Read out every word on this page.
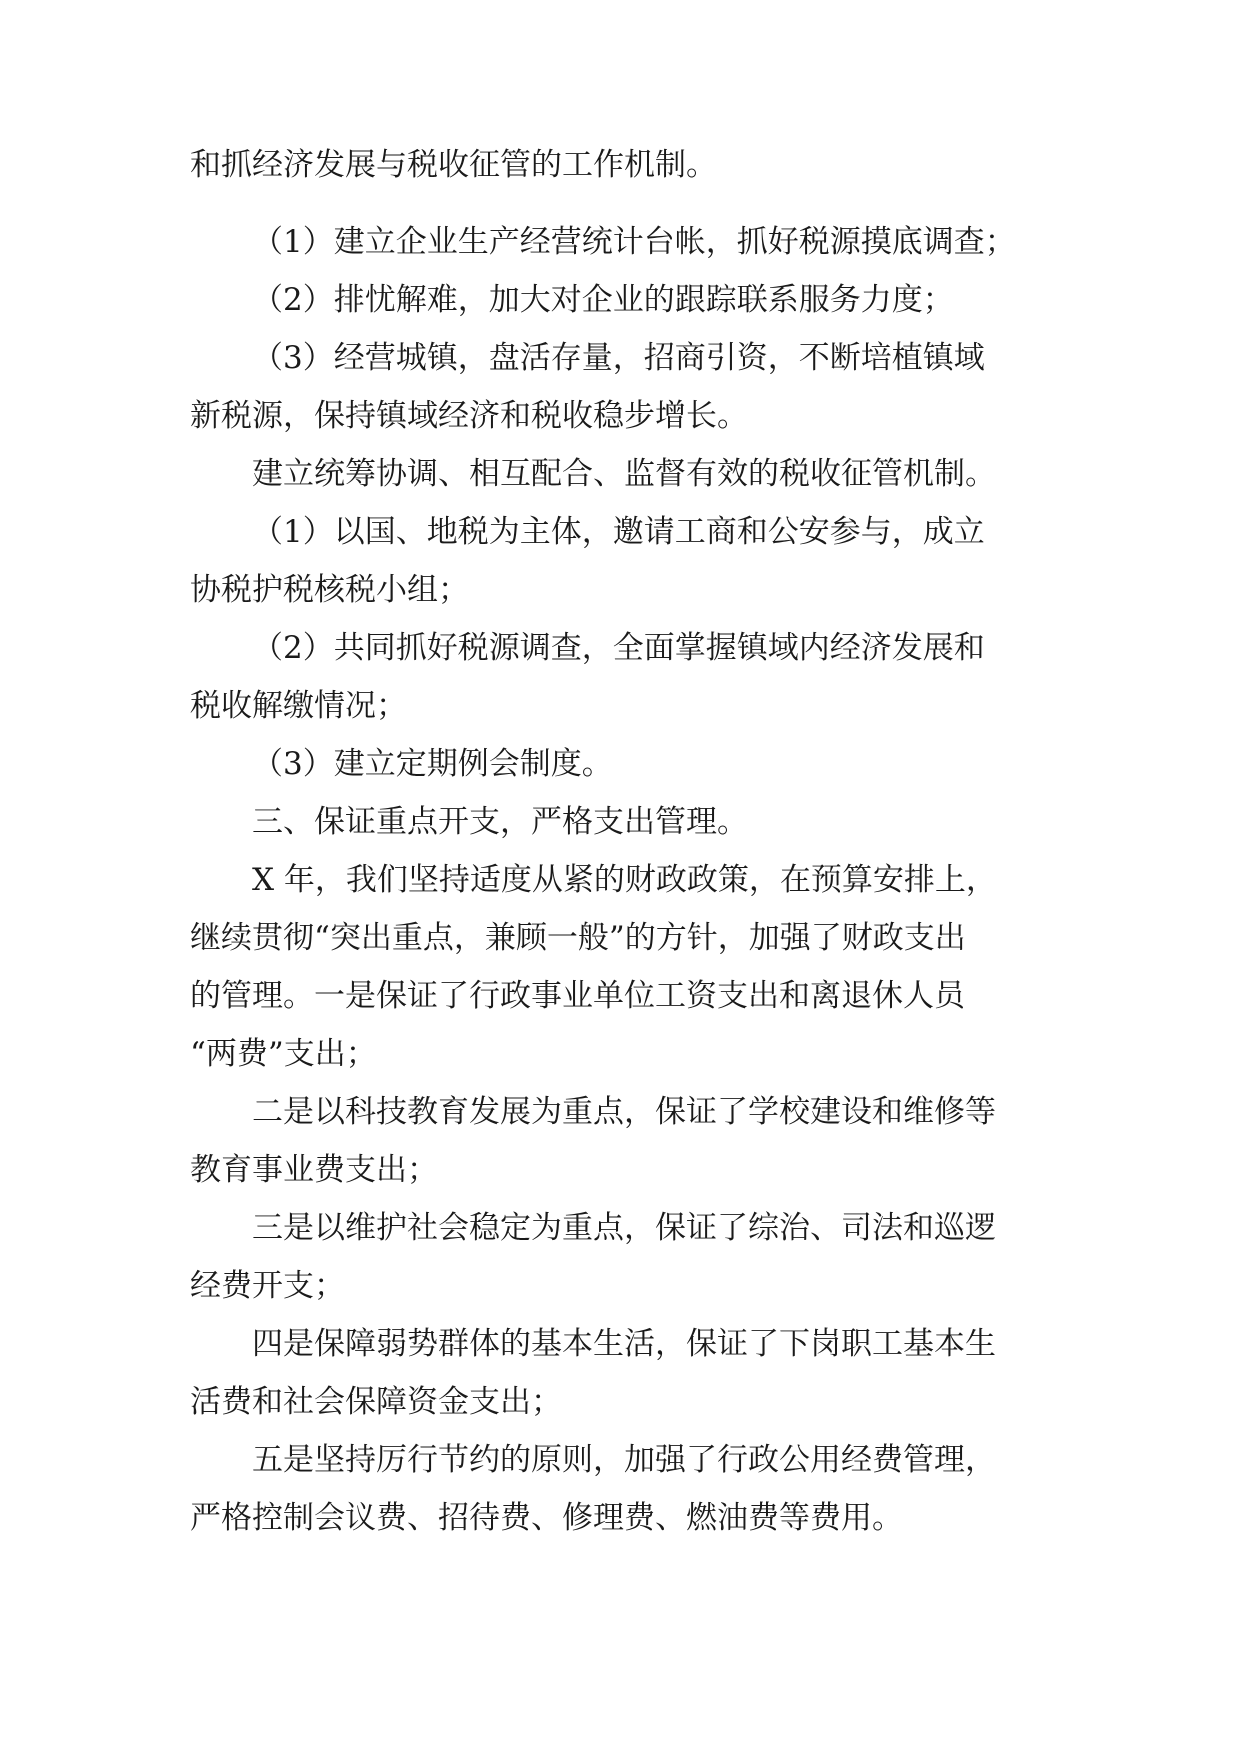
和抓经济发展与税收征管的工作机制。
（1）建立企业生产经营统计台帐，抓好税源摸底调查；
（2）排忧解难，加大对企业的跟踪联系服务力度；
（3）经营城镇，盘活存量，招商引资，不断培植镇域
新税源，保持镇域经济和税收稳步增长。
建立统筹协调、相互配合、监督有效的税收征管机制。
（1）以国、地税为主体，邀请工商和公安参与，成立
协税护税核税小组；
（2）共同抓好税源调查，全面掌握镇域内经济发展和
税收解缴情况；
（3）建立定期例会制度。
三、保证重点开支，严格支出管理。
X 年，我们坚持适度从紧的财政政策，在预算安排上，
继续贯彻“突出重点，兼顾一般”的方针，加强了财政支出
的管理。一是保证了行政事业单位工资支出和离退休人员
“两费”支出；
二是以科技教育发展为重点，保证了学校建设和维修等
教育事业费支出；
三是以维护社会稳定为重点，保证了综治、司法和巡逻
经费开支；
四是保障弱势群体的基本生活，保证了下岗职工基本生
活费和社会保障资金支出；
五是坚持厉行节约的原则，加强了行政公用经费管理，
严格控制会议费、招待费、修理费、燃油费等费用。
